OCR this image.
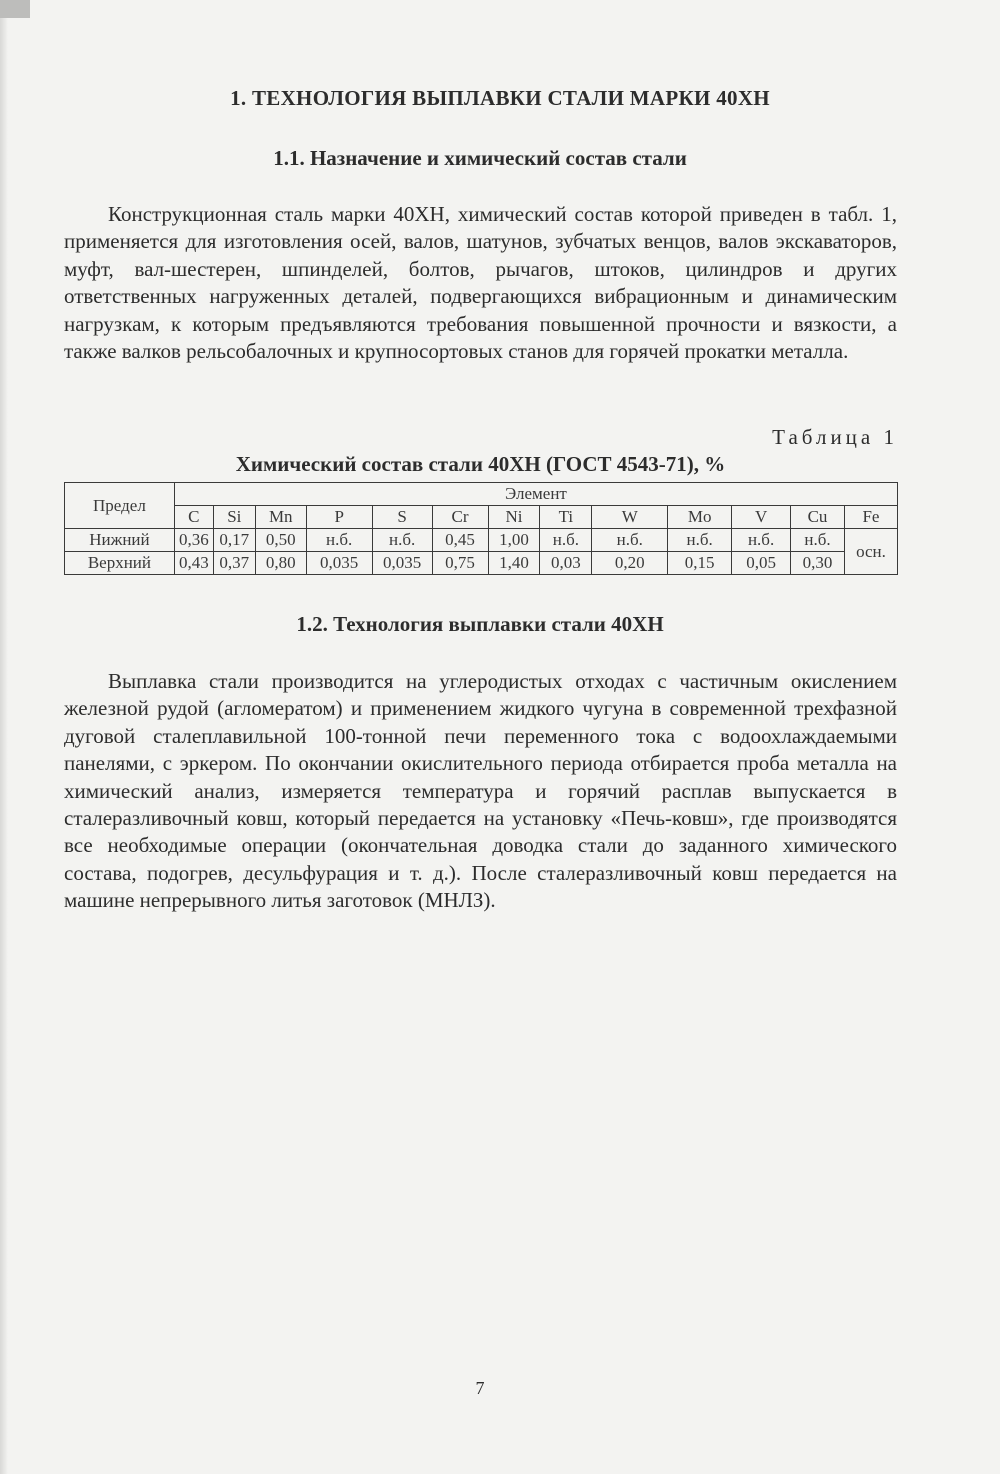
1. ТЕХНОЛОГИЯ ВЫПЛАВКИ СТАЛИ МАРКИ 40ХН
1.1. Назначение и химический состав стали

Конструкционная сталь марки 40ХН, химический состав которой приведен в табл. 1, применяется для изготовления осей, валов, шатунов, зубчатых венцов, валов экскаваторов, муфт, вал-шестерен, шпинделей, болтов, рычагов, штоков, цилиндров и других ответственных нагруженных деталей, подвергающихся вибрационным и динамическим нагрузкам, к которым предъявляются требования повышенной прочности и вязкости, а также валков рельсобалочных и крупносортовых станов для горячей прокатки металла.

Таблица 1
Химический состав стали 40ХН (ГОСТ 4543-71), %
Предел	Элемент												
	C	Si	Mn	P	S	Cr	Ni	Ti	W	Mo	V	Cu	Fe
Нижний	0,36	0,17	0,50	н.б.	н.б.	0,45	1,00	н.б.	н.б.	н.б.	н.б.	н.б.	осн.
Верхний	0,43	0,37	0,80	0,035	0,035	0,75	1,40	0,03	0,20	0,15	0,05	0,30	
1.2. Технология выплавки стали 40ХН

Выплавка стали производится на углеродистых отходах с частичным окислением железной рудой (агломератом) и применением жидкого чугуна в современной трехфазной дуговой сталеплавильной 100-тонной печи переменного тока с водоохлаждаемыми панелями, с эркером. По окончании окислительного периода отбирается проба металла на химический анализ, измеряется температура и горячий расплав выпускается в сталеразливочный ковш, который передается на установку «Печь-ковш», где производятся все необходимые операции (окончательная доводка стали до заданного химического состава, подогрев, десульфурация и т. д.). После сталеразливочный ковш передается на машине непрерывного литья заготовок (МНЛЗ).

7
